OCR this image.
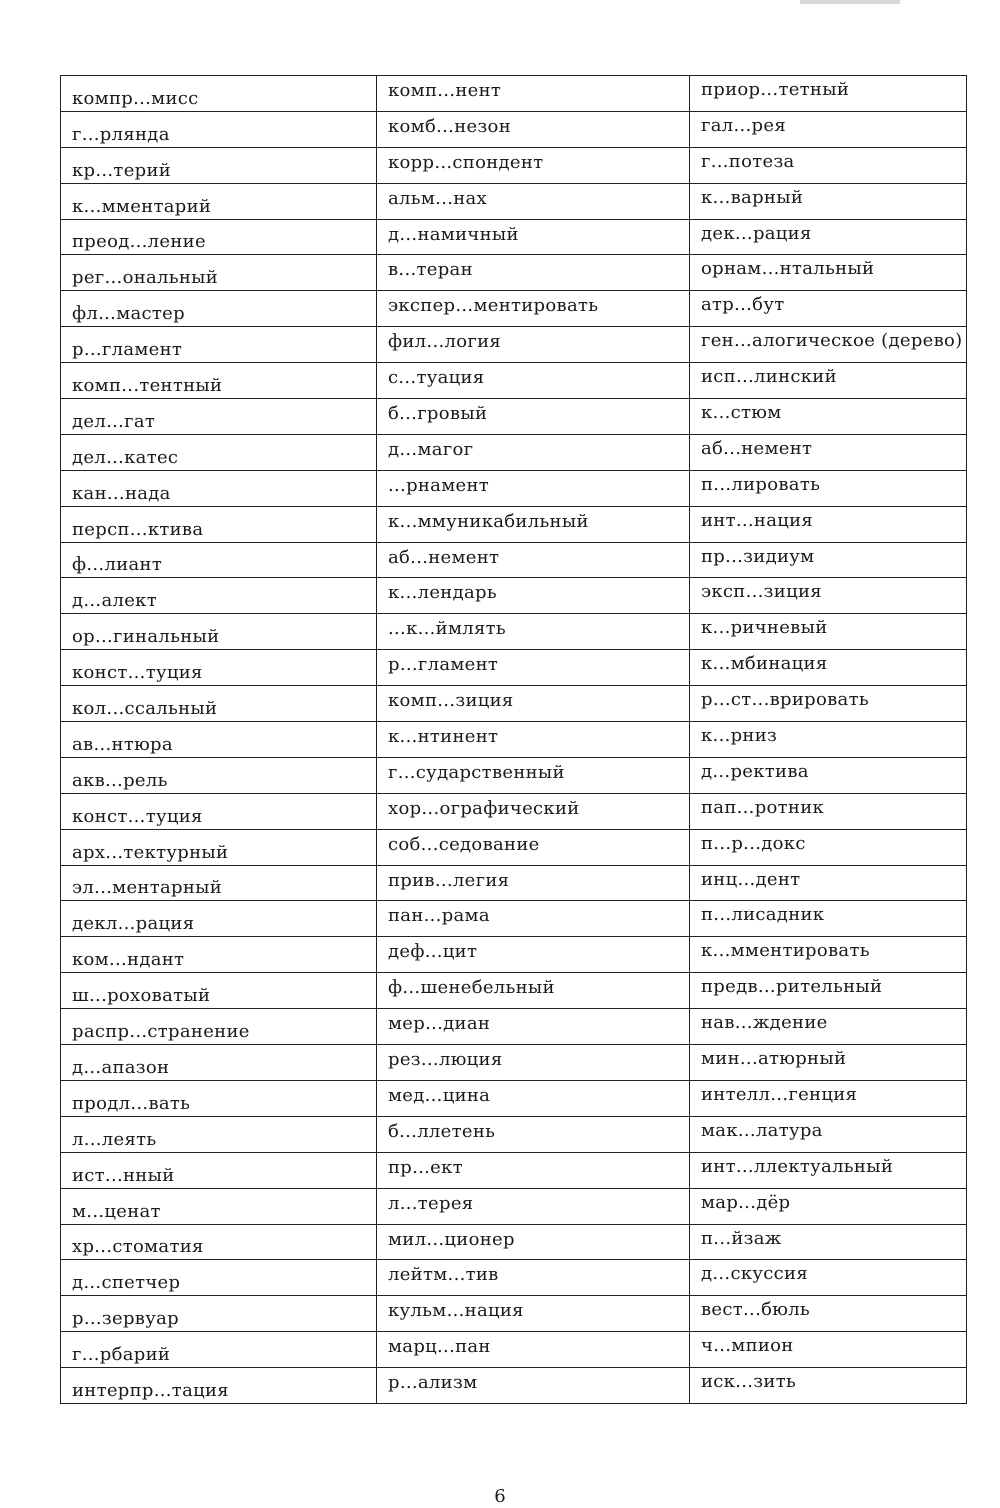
компр...мисс	комп...нент	приор...тетный
г...рлянда	комб...незон	гал...рея
кр...терий	корр...спондент	г...потеза
к...мментарий	альм...нах	к...варный
преод...ление	д...намичный	дек...рация
рег...ональный	в...теран	орнам...нтальный
фл...мастер	экспер...ментировать	атр...бут
р...гламент	фил...логия	ген...алогическое (дерево)
комп...тентный	с...туация	исп...линский
дел...гат	б...гровый	к...стюм
дел...катес	д...магог	аб...немент
кан...нада	...рнамент	п...лировать
персп...ктива	к...ммуникабильный	инт...нация
ф...лиант	аб...немент	пр...зидиум
д...алект	к...лендарь	эксп...зиция
ор...гинальный	...к...ймлять	к...ричневый
конст...туция	р...гламент	к...мбинация
кол...ссальный	комп...зиция	р...ст...врировать
ав...нтюра	к...нтинент	к...рниз
акв...рель	г...сударственный	д...ректива
конст...туция	хор...ографический	пап...ротник
арх...тектурный	соб...седование	п...р...докс
эл...ментарный	прив...легия	инц...дент
декл...рация	пан...рама	п...лисадник
ком...ндант	деф...цит	к...мментировать
ш...роховатый	ф...шенебельный	предв...рительный
распр...странение	мер...диан	нав...ждение
д...апазон	рез...люция	мин...атюрный
продл...вать	мед...цина	интелл...генция
л...леять	б...ллетень	мак...латура
ист...нный	пр...ект	инт...ллектуальный
м...ценат	л...терея	мар...дёр
хр...стоматия	мил...ционер	п...йзаж
д...спетчер	лейтм...тив	д...скуссия
р...зервуар	кульм...нация	вест...бюль
г...рбарий	марц...пан	ч...мпион
интерпр...тация	р...ализм	иск...зить
6
